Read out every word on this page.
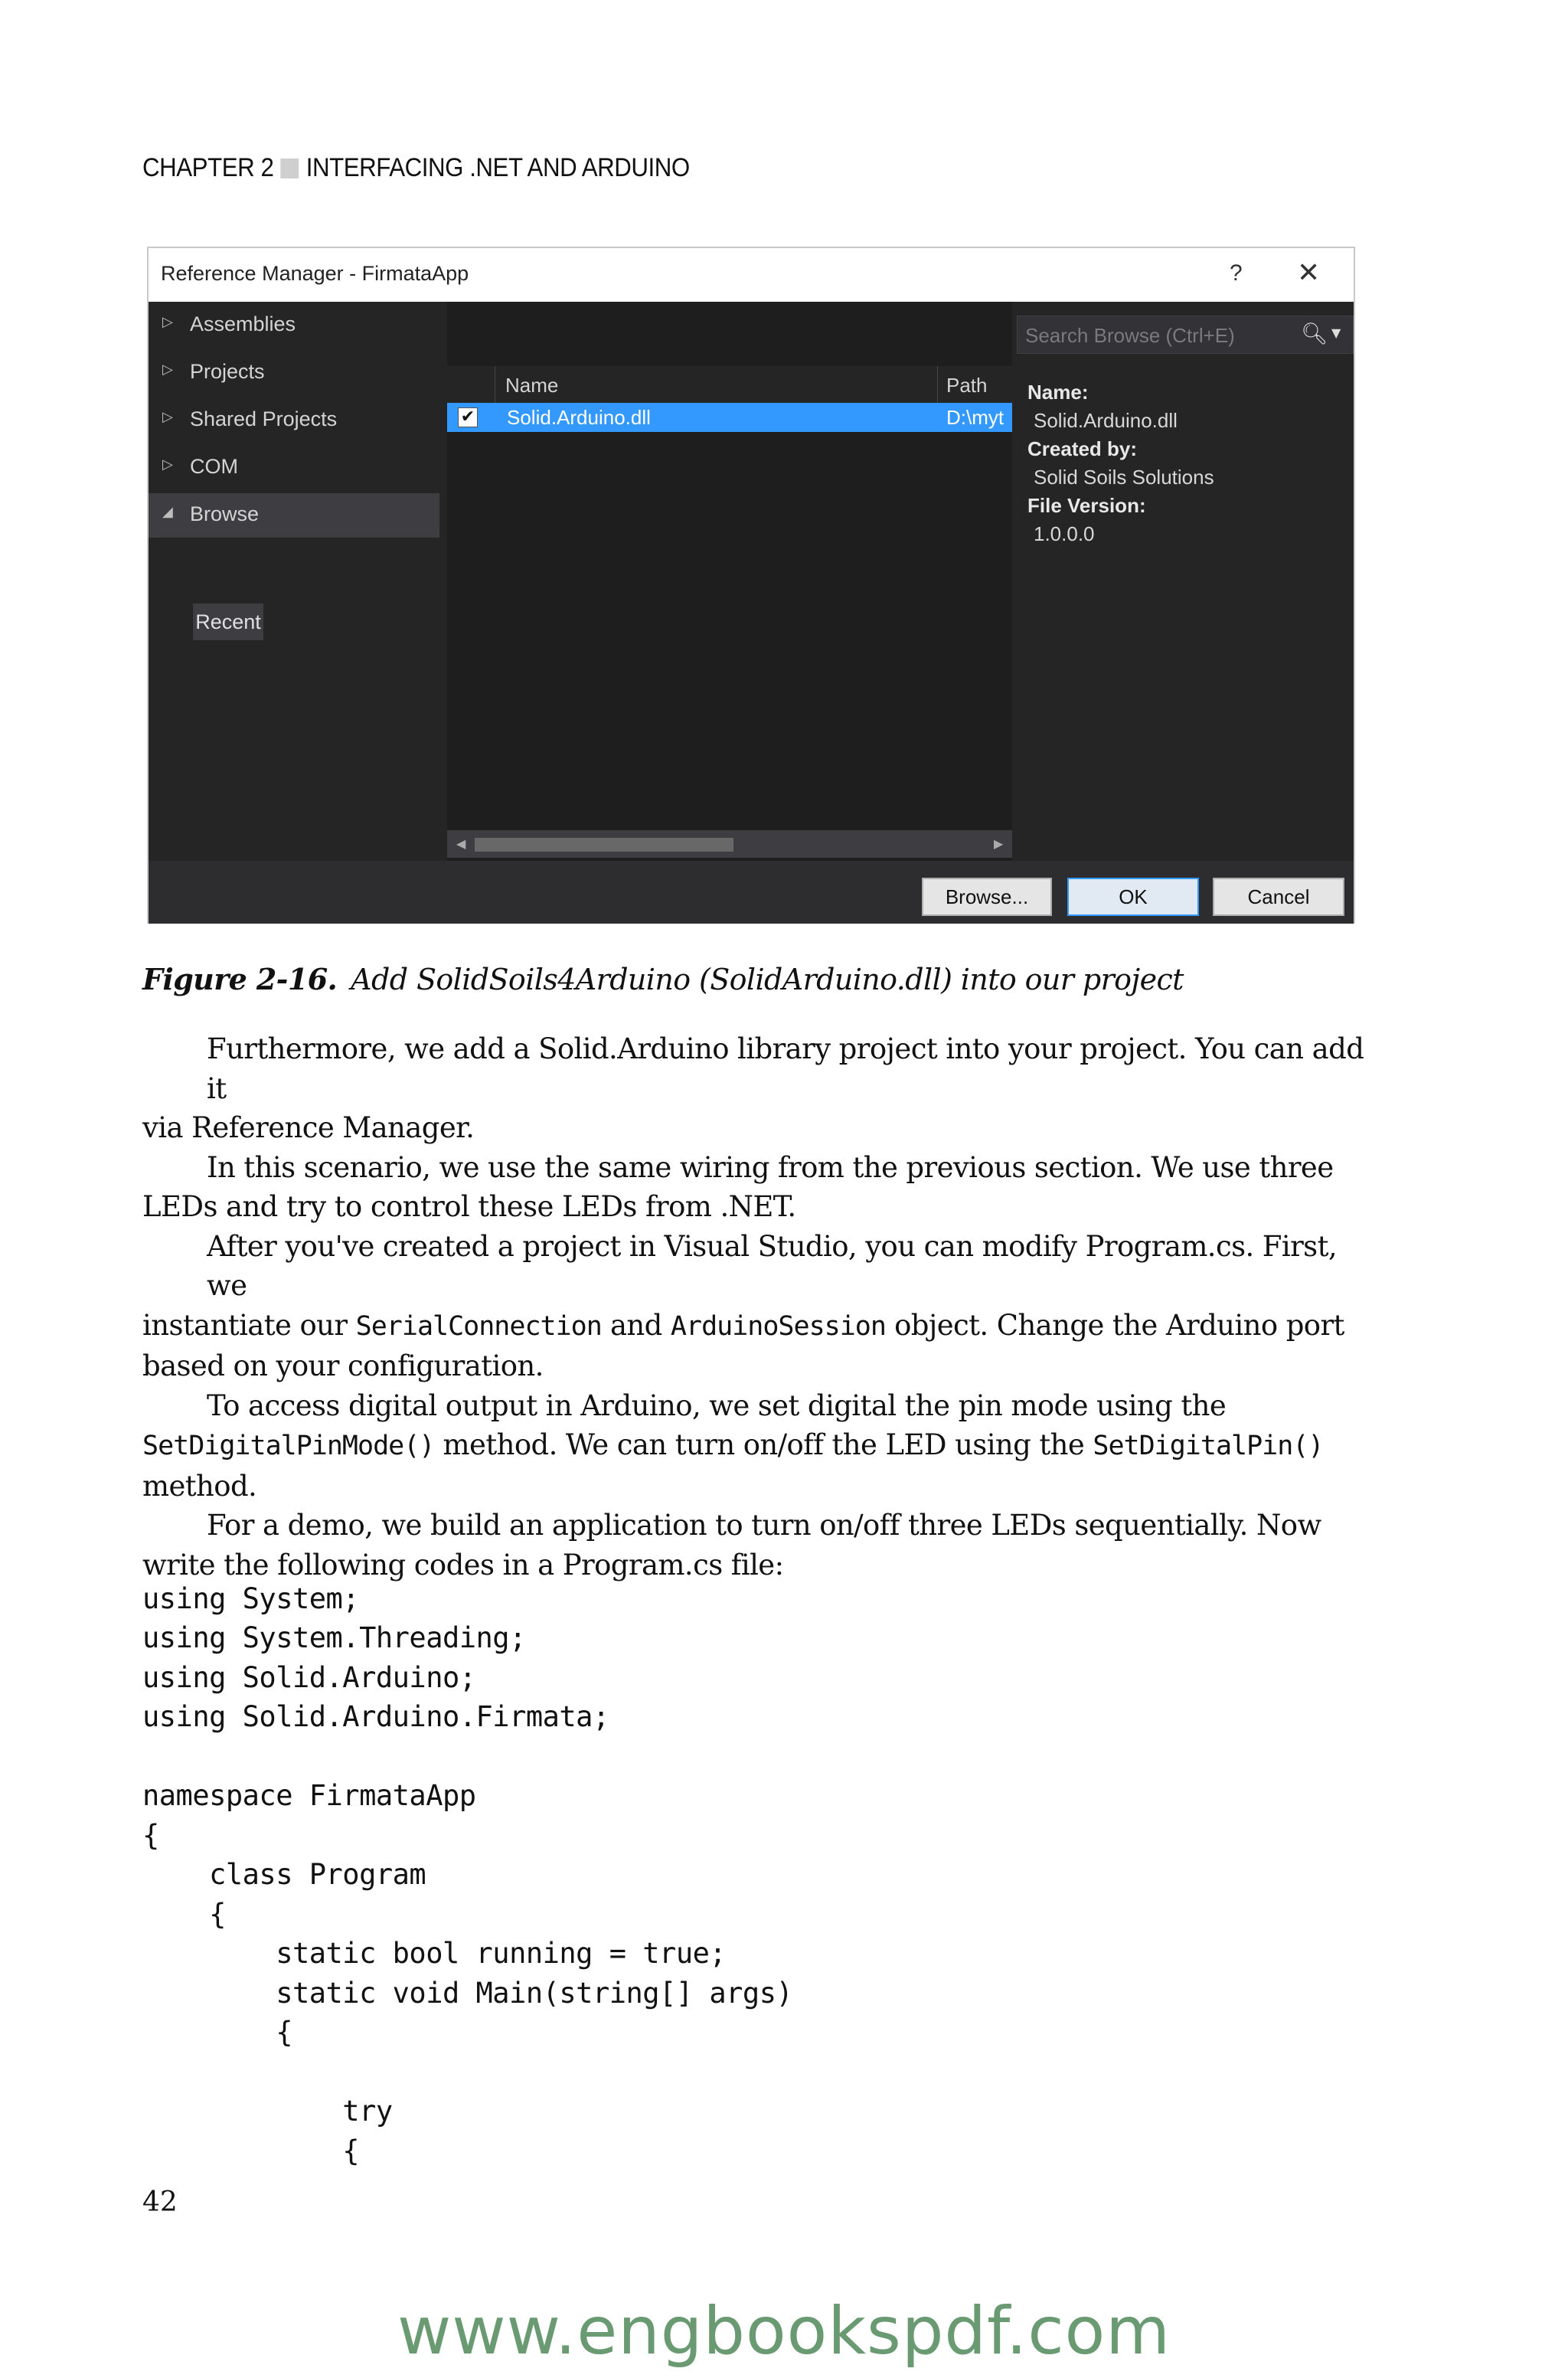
CHAPTER 2 INTERFACING .NET AND ARDUINO
Reference Manager - FirmataApp	? ✕
▷ Assemblies
▷ Projects
▷ Shared Projects
▷ COM
◢ Browse
Recent
Name	Path
✔ Solid.Arduino.dll	D:\myt
◀	▶
Search Browse (Ctrl+E)	🔎︎ ▼
Name:
Solid.Arduino.dll
Created by:
Solid Soils Solutions
File Version:
1.0.0.0
Browse...	OK	Cancel
Figure 2-16. Add SolidSoils4Arduino (SolidArduino.dll) into our project
Furthermore, we add a Solid.Arduino library project into your project. You can add it
via Reference Manager.
In this scenario, we use the same wiring from the previous section. We use three
LEDs and try to control these LEDs from .NET.
After you've created a project in Visual Studio, you can modify Program.cs. First, we
instantiate our SerialConnection and ArduinoSession object. Change the Arduino port
based on your configuration.
To access digital output in Arduino, we set digital the pin mode using the
SetDigitalPinMode() method. We can turn on/off the LED using the SetDigitalPin()
method.
For a demo, we build an application to turn on/off three LEDs sequentially. Now
write the following codes in a Program.cs file:

using System;
using System.Threading;
using Solid.Arduino;
using Solid.Arduino.Firmata;

namespace FirmataApp
{
class Program
{
static bool running = true;
static void Main(string[] args)
{

try
{

42
www.engbookspdf.com
